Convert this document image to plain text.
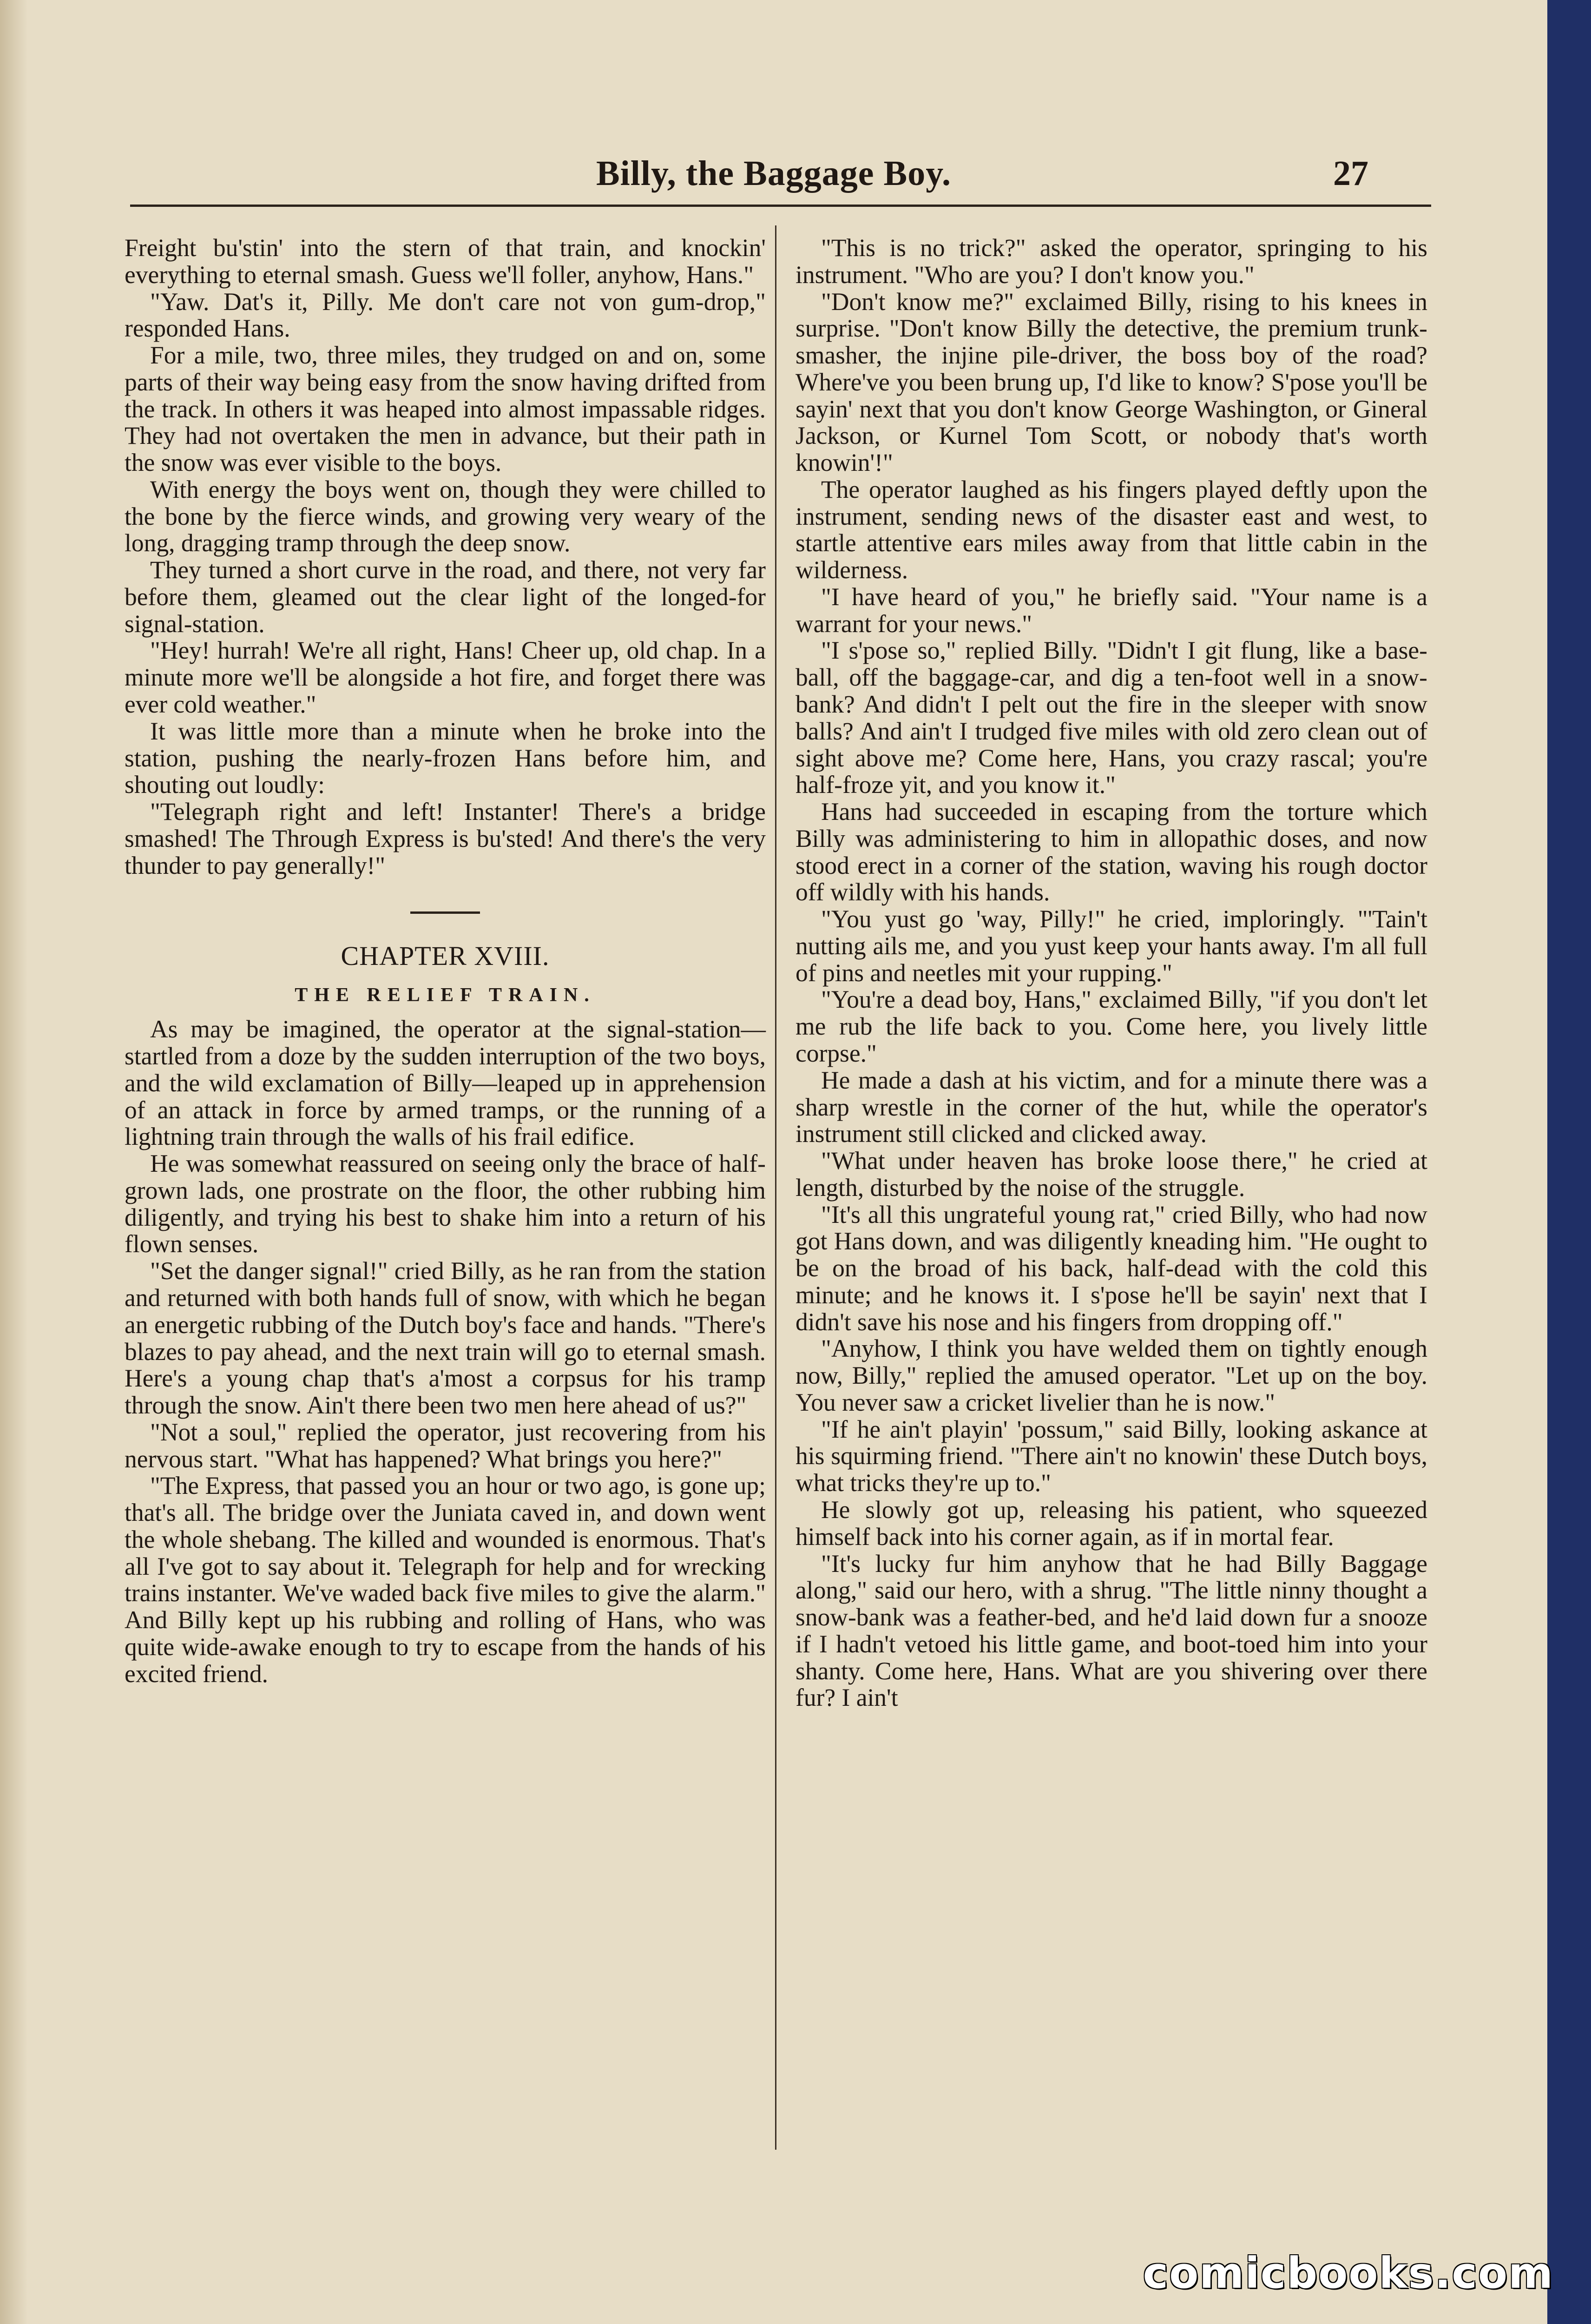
Billy, the Baggage Boy.	27

Freight bu'stin' into the stern of that train, and knockin' everything to eternal smash. Guess we'll foller, anyhow, Hans."

"Yaw. Dat's it, Pilly. Me don't care not von gum-drop," responded Hans.

For a mile, two, three miles, they trudged on and on, some parts of their way being easy from the snow having drifted from the track. In others it was heaped into almost impassable ridges. They had not overtaken the men in advance, but their path in the snow was ever visible to the boys.

With energy the boys went on, though they were chilled to the bone by the fierce winds, and growing very weary of the long, dragging tramp through the deep snow.

They turned a short curve in the road, and there, not very far before them, gleamed out the clear light of the longed-for signal-station.

"Hey! hurrah! We're all right, Hans! Cheer up, old chap. In a minute more we'll be alongside a hot fire, and forget there was ever cold weather."

It was little more than a minute when he broke into the station, pushing the nearly-frozen Hans before him, and shouting out loudly:

"Telegraph right and left! Instanter! There's a bridge smashed! The Through Express is bu'sted! And there's the very thunder to pay generally!"

CHAPTER XVIII.
THE RELIEF TRAIN.

As may be imagined, the operator at the signal-station—startled from a doze by the sudden interruption of the two boys, and the wild exclamation of Billy—leaped up in apprehension of an attack in force by armed tramps, or the running of a lightning train through the walls of his frail edifice.

He was somewhat reassured on seeing only the brace of half-grown lads, one prostrate on the floor, the other rubbing him diligently, and trying his best to shake him into a return of his flown senses.

"Set the danger signal!" cried Billy, as he ran from the station and returned with both hands full of snow, with which he began an energetic rubbing of the Dutch boy's face and hands. "There's blazes to pay ahead, and the next train will go to eternal smash. Here's a young chap that's a'most a corpsus for his tramp through the snow. Ain't there been two men here ahead of us?"

"Not a soul," replied the operator, just recovering from his nervous start. "What has happened? What brings you here?"

"The Express, that passed you an hour or two ago, is gone up; that's all. The bridge over the Juniata caved in, and down went the whole shebang. The killed and wounded is enormous. That's all I've got to say about it. Telegraph for help and for wrecking trains instanter. We've waded back five miles to give the alarm." And Billy kept up his rubbing and rolling of Hans, who was quite wide-awake enough to try to escape from the hands of his excited friend.

"This is no trick?" asked the operator, springing to his instrument. "Who are you? I don't know you."

"Don't know me?" exclaimed Billy, rising to his knees in surprise. "Don't know Billy the detective, the premium trunk-smasher, the injine pile-driver, the boss boy of the road? Where've you been brung up, I'd like to know? S'pose you'll be sayin' next that you don't know George Washington, or Gineral Jackson, or Kurnel Tom Scott, or nobody that's worth knowin'!"

The operator laughed as his fingers played deftly upon the instrument, sending news of the disaster east and west, to startle attentive ears miles away from that little cabin in the wilderness.

"I have heard of you," he briefly said. "Your name is a warrant for your news."

"I s'pose so," replied Billy. "Didn't I git flung, like a base-ball, off the baggage-car, and dig a ten-foot well in a snow-bank? And didn't I pelt out the fire in the sleeper with snow balls? And ain't I trudged five miles with old zero clean out of sight above me? Come here, Hans, you crazy rascal; you're half-froze yit, and you know it."

Hans had succeeded in escaping from the torture which Billy was administering to him in allopathic doses, and now stood erect in a corner of the station, waving his rough doctor off wildly with his hands.

"You yust go 'way, Pilly!" he cried, imploringly. "'Tain't nutting ails me, and you yust keep your hants away. I'm all full of pins and neetles mit your rupping."

"You're a dead boy, Hans," exclaimed Billy, "if you don't let me rub the life back to you. Come here, you lively little corpse."

He made a dash at his victim, and for a minute there was a sharp wrestle in the corner of the hut, while the operator's instrument still clicked and clicked away.

"What under heaven has broke loose there," he cried at length, disturbed by the noise of the struggle.

"It's all this ungrateful young rat," cried Billy, who had now got Hans down, and was diligently kneading him. "He ought to be on the broad of his back, half-dead with the cold this minute; and he knows it. I s'pose he'll be sayin' next that I didn't save his nose and his fingers from dropping off."

"Anyhow, I think you have welded them on tightly enough now, Billy," replied the amused operator. "Let up on the boy. You never saw a cricket livelier than he is now."

"If he ain't playin' 'possum," said Billy, looking askance at his squirming friend. "There ain't no knowin' these Dutch boys, what tricks they're up to."

He slowly got up, releasing his patient, who squeezed himself back into his corner again, as if in mortal fear.

"It's lucky fur him anyhow that he had Billy Baggage along," said our hero, with a shrug. "The little ninny thought a snow-bank was a feather-bed, and he'd laid down fur a snooze if I hadn't vetoed his little game, and boot-toed him into your shanty. Come here, Hans. What are you shivering over there fur? I ain't

comicbooks.com
